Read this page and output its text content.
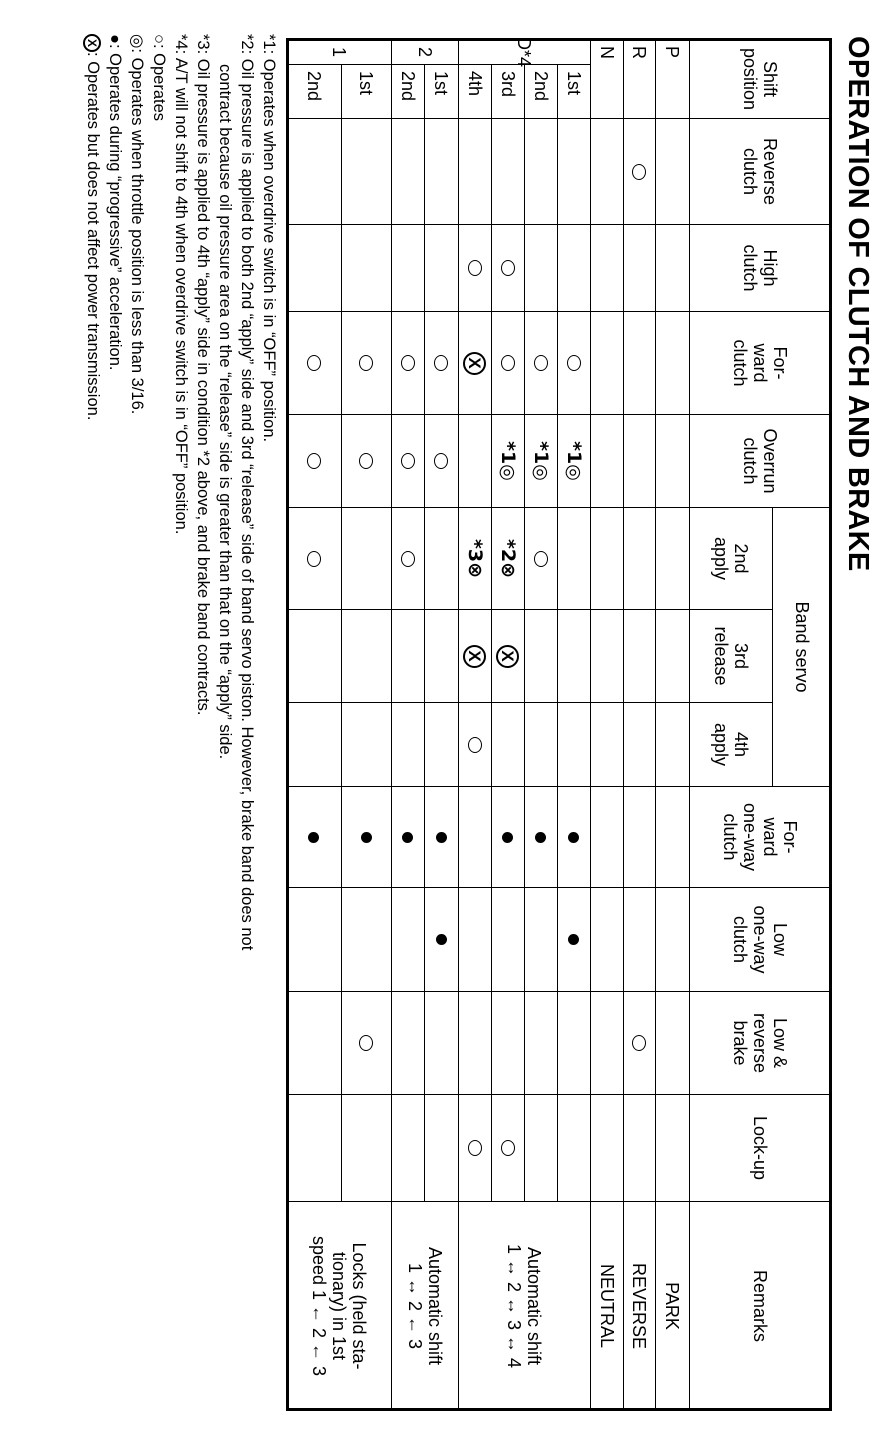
OPERATION OF CLUTCH AND BRAKE
Shift
position
Reverse
clutch
High
clutch
For-
ward
clutch
Overrun
clutch
2nd
apply
3rd
release
4th
apply
For-
ward
one-way
clutch
Low
one-way
clutch
Low &
reverse
brake
Lock-up
Band servo
Remarks
P
R
N
1st
*1◎
2nd
*1◎
3rd
*1◎
*2⊗
X
4th
X
*3⊗
X
1st
2nd
1st
2nd
D*4
2
1
PARK
REVERSE
NEUTRAL
Automatic shift
1 ↔ 2 ↔ 3 ↔ 4
Automatic shift
1 ↔ 2 ← 3
Locks (held sta-
tionary) in 1st
speed 1 ← 2 ← 3
*1: Operates when overdrive switch is in “OFF” position.
*2: Oil pressure is applied to both 2nd “apply” side and 3rd “release” side of band servo piston. However, brake band does not
contract because oil pressure area on the “release” side is greater than that on the “apply” side.
*3: Oil pressure is applied to 4th “apply” side in condition *2 above, and brake band contracts.
*4: A/T will not shift to 4th when overdrive switch is in “OFF” position.
○: Operates
◎: Operates when throttle position is less than 3/16.
●: Operates during “progressive” acceleration.
X: Operates but does not affect power transmission.
